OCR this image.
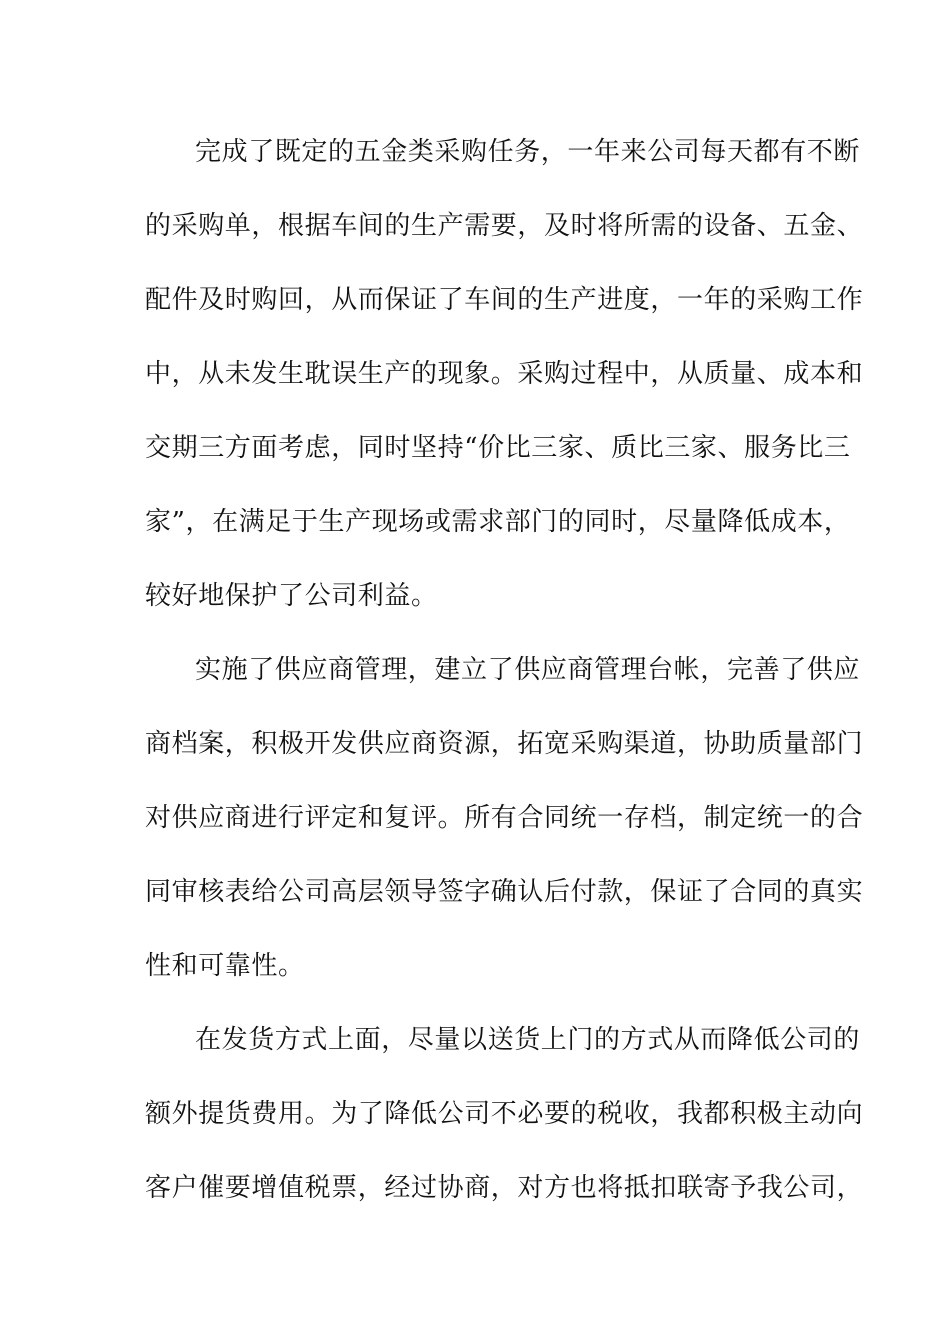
完成了既定的五金类采购任务，一年来公司每天都有不断
的采购单，根据车间的生产需要，及时将所需的设备、五金、
配件及时购回，从而保证了车间的生产进度，一年的采购工作
中，从未发生耽误生产的现象。采购过程中，从质量、成本和
交期三方面考虑，同时坚持“价比三家、质比三家、服务比三
家”，在满足于生产现场或需求部门的同时，尽量降低成本，
较好地保护了公司利益。
实施了供应商管理，建立了供应商管理台帐，完善了供应
商档案，积极开发供应商资源，拓宽采购渠道，协助质量部门
对供应商进行评定和复评。所有合同统一存档，制定统一的合
同审核表给公司高层领导签字确认后付款，保证了合同的真实
性和可靠性。
在发货方式上面，尽量以送货上门的方式从而降低公司的
额外提货费用。为了降低公司不必要的税收，我都积极主动向
客户催要增值税票，经过协商，对方也将抵扣联寄予我公司，
